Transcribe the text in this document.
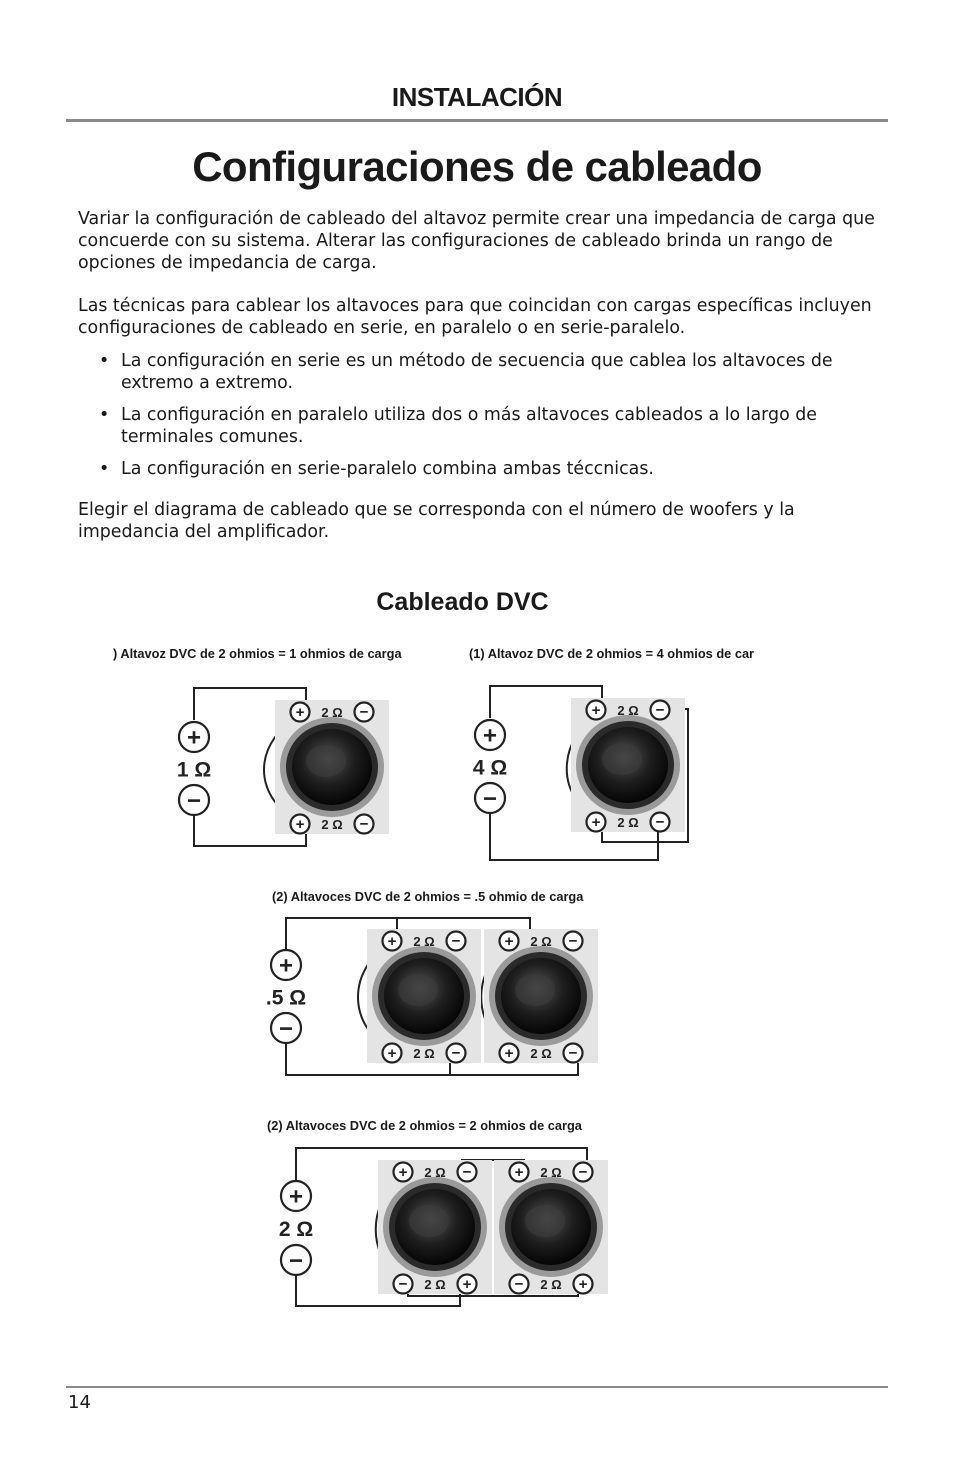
INSTALACIÓN
Configuraciones de cableado

Variar la configuración de cableado del altavoz permite crear una impedancia de carga que concuerde con su sistema. Alterar las configuraciones de cableado brinda un rango de opciones de impedancia de carga.

Las técnicas para cablear los altavoces para que coincidan con cargas específicas incluyen configuraciones de cableado en serie, en paralelo o en serie-paralelo.

• La configuración en serie es un método de secuencia que cablea los altavoces de extremo a extremo.
• La configuración en paralelo utiliza dos o más altavoces cableados a lo largo de terminales comunes.
• La configuración en serie-paralelo combina ambas téccnicas.

Elegir el diagrama de cableado que se corresponda con el número de woofers y la impedancia del amplificador.

Cableado DVC
) Altavoz DVC de 2 ohmios = 1 ohmios de carga	(1) Altavoz DVC de 2 ohmios = 4 ohmios de car
(2) Altavoces DVC de 2 ohmios = .5 ohmio de carga
(2) Altavoces DVC de 2 ohmios = 2 ohmios de carga
2 Ω
2 Ω
+	−
+	−
+
1 Ω
−
2 Ω
2 Ω
+	−
+	−
+
4 Ω
−
2 Ω
2 Ω
+	−
+	−
2 Ω
2 Ω
+	−
+	−
+
.5 Ω
−
2 Ω
2 Ω
+	−
−	+
2 Ω
2 Ω
+	−
−	+
+
2 Ω
−
14
